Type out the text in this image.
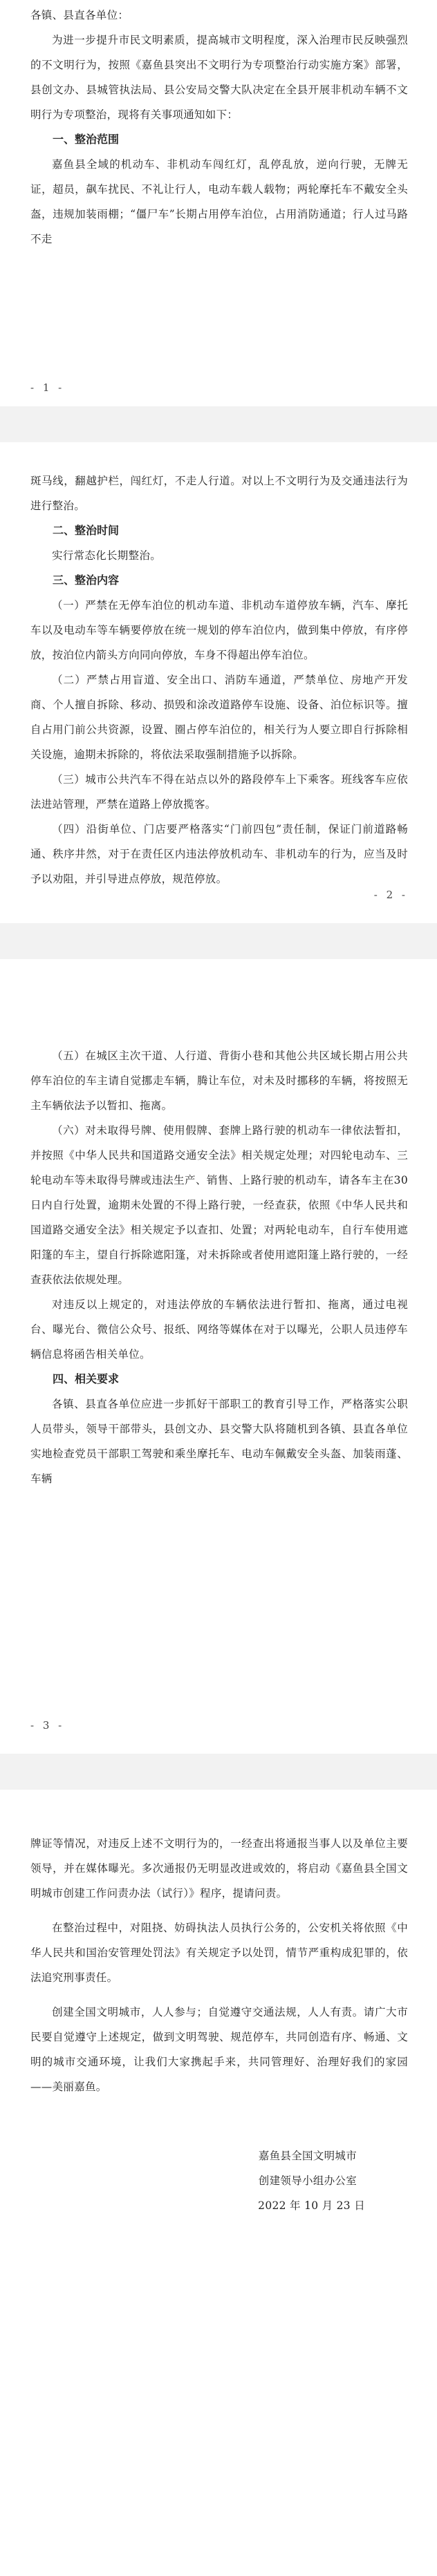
各镇、县直各单位：

为进一步提升市民文明素质，提高城市文明程度，深入治理市民反映强烈的不文明行为，按照《嘉鱼县突出不文明行为专项整治行动实施方案》部署，县创文办、县城管执法局、县公安局交警大队决定在全县开展非机动车辆不文明行为专项整治，现将有关事项通知如下：

一、整治范围

嘉鱼县全域的机动车、非机动车闯红灯，乱停乱放，逆向行驶，无牌无证，超员，飙车扰民、不礼让行人，电动车载人载物；两轮摩托车不戴安全头盔，违规加装雨棚；“僵尸车”长期占用停车泊位，占用消防通道；行人过马路不走

- 1 -

斑马线，翻越护栏，闯红灯，不走人行道。对以上不文明行为及交通违法行为进行整治。

二、整治时间

实行常态化长期整治。

三、整治内容

（一）严禁在无停车泊位的机动车道、非机动车道停放车辆，汽车、摩托车以及电动车等车辆要停放在统一规划的停车泊位内，做到集中停放，有序停放，按泊位内箭头方向同向停放，车身不得超出停车泊位。

（二）严禁占用盲道、安全出口、消防车通道，严禁单位、房地产开发商、个人擅自拆除、移动、损毁和涂改道路停车设施、设备、泊位标识等。擅自占用门前公共资源，设置、圈占停车泊位的，相关行为人要立即自行拆除相关设施，逾期未拆除的，将依法采取强制措施予以拆除。

（三）城市公共汽车不得在站点以外的路段停车上下乘客。班线客车应依法进站管理，严禁在道路上停放揽客。

（四）沿街单位、门店要严格落实“门前四包”责任制，保证门前道路畅通、秩序井然，对于在责任区内违法停放机动车、非机动车的行为，应当及时予以劝阻，并引导进点停放，规范停放。

- 2 -

（五）在城区主次干道、人行道、背街小巷和其他公共区域长期占用公共停车泊位的车主请自觉挪走车辆，腾让车位，对未及时挪移的车辆，将按照无主车辆依法予以暂扣、拖离。

（六）对未取得号牌、使用假牌、套牌上路行驶的机动车一律依法暂扣，并按照《中华人民共和国道路交通安全法》相关规定处理；对四轮电动车、三轮电动车等未取得号牌或违法生产、销售、上路行驶的机动车，请各车主在30日内自行处置，逾期未处置的不得上路行驶，一经查获，依照《中华人民共和国道路交通安全法》相关规定予以查扣、处置；对两轮电动车，自行车使用遮阳篷的车主，望自行拆除遮阳篷，对未拆除或者使用遮阳篷上路行驶的，一经查获依法依规处理。

对违反以上规定的，对违法停放的车辆依法进行暂扣、拖离，通过电视台、曝光台、微信公众号、报纸、网络等媒体在对于以曝光，公职人员违停车辆信息将函告相关单位。

四、相关要求

各镇、县直各单位应进一步抓好干部职工的教育引导工作，严格落实公职人员带头，领导干部带头，县创文办、县交警大队将随机到各镇、县直各单位实地检查党员干部职工驾驶和乘坐摩托车、电动车佩戴安全头盔、加装雨蓬、车辆

- 3 -

牌证等情况，对违反上述不文明行为的，一经查出将通报当事人以及单位主要领导，并在媒体曝光。多次通报仍无明显改进或效的，将启动《嘉鱼县全国文明城市创建工作问责办法（试行）》程序，提请问责。

在整治过程中，对阻挠、妨碍执法人员执行公务的，公安机关将依照《中华人民共和国治安管理处罚法》有关规定予以处罚，情节严重构成犯罪的，依法追究刑事责任。

创建全国文明城市，人人参与；自觉遵守交通法规，人人有责。请广大市民要自觉遵守上述规定，做到文明驾驶、规范停车，共同创造有序、畅通、文明的城市交通环境，让我们大家携起手来，共同管理好、治理好我们的家园——美丽嘉鱼。

嘉鱼县全国文明城市

创建领导小组办公室

2022 年 10 月 23 日
